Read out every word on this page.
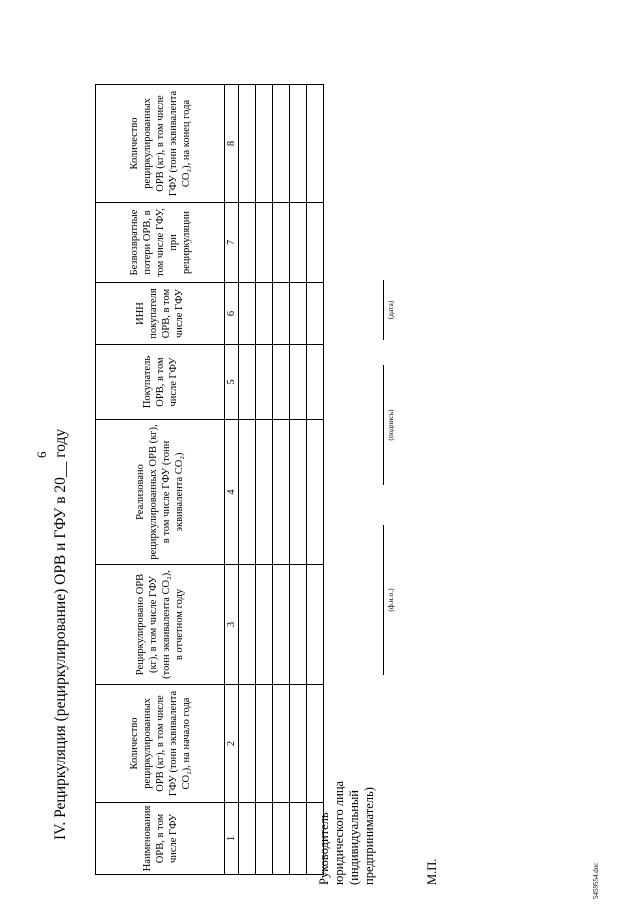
6 IV. Рециркуляция (рециркулирование) ОРВ и ГФУ в 20__ году	Наименования ОРВ, в том числе ГФУ	Количество рециркулированных ОРВ (кг), в том числе ГФУ (тонн эквивалента CO₂), на начало года	Рециркулировано ОРВ (кг), в том числе ГФУ (тонн эквивалента CO₂), в отчетном году	Реализовано рециркулированных ОРВ (кг), в том числе ГФУ (тонн эквивалента CO₂)	Покупатель ОРВ, в том числе ГФУ	ИНН покупателя ОРВ, в том числе ГФУ	Безвозвратные потери ОРВ, в том числе ГФУ, при рециркуляции	Количество рециркулированных ОРВ (кг), в том числе ГФУ (тонн эквивалента CO₂), на конец года
1	2	3	4	5	6	7	8

Руководитель юридического лица (индивидуальный предприниматель)
(ф.и.о.)
(подпись)
(дата)
М.П.	5459554.doc
